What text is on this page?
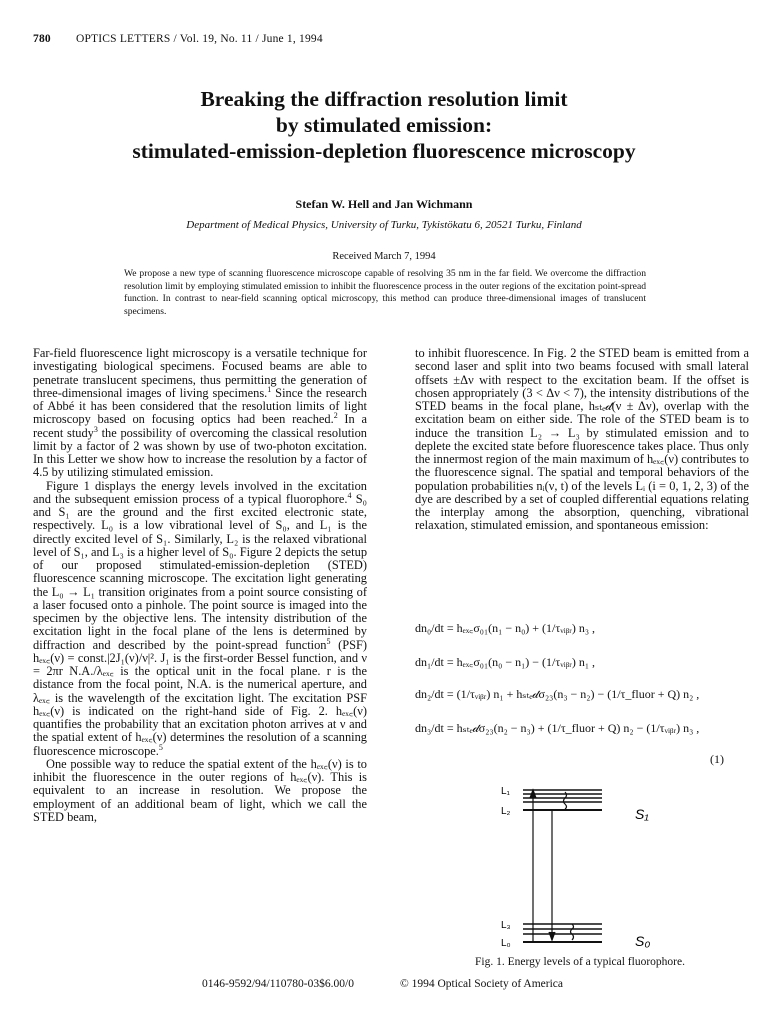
780 OPTICS LETTERS / Vol. 19, No. 11 / June 1, 1994
Breaking the diffraction resolution limit
by stimulated emission:
stimulated-emission-depletion fluorescence microscopy
Stefan W. Hell and Jan Wichmann
Department of Medical Physics, University of Turku, Tykistökatu 6, 20521 Turku, Finland
Received March 7, 1994
We propose a new type of scanning fluorescence microscope capable of resolving 35 nm in the far field. We overcome the diffraction resolution limit by employing stimulated emission to inhibit the fluorescence process in the outer regions of the excitation point-spread function. In contrast to near-field scanning optical microscopy, this method can produce three-dimensional images of translucent specimens.

Far-field fluorescence light microscopy is a versatile technique for investigating biological specimens. Focused beams are able to penetrate translucent specimens, thus permitting the generation of three-dimensional images of living specimens.$^1$ Since the research of Abbé it has been considered that the resolution limits of light microscopy based on focusing optics had been reached.$^2$ In a recent study$^3$ the possibility of overcoming the classical resolution limit by a factor of 2 was shown by use of two-photon excitation. In this Letter we show how to increase the resolution by a factor of 4.5 by utilizing stimulated emission.

Figure 1 displays the energy levels involved in the excitation and the subsequent emission process of a typical fluorophore.$^4$ S₀ and S₁ are the ground and the first excited electronic state, respectively. L₀ is a low vibrational level of S₀, and L₁ is the directly excited level of S₁. Similarly, L₂ is the relaxed vibrational level of S₁, and L₃ is a higher level of S₀. Figure 2 depicts the setup of our proposed stimulated-emission-depletion (STED) fluorescence scanning microscope. The excitation light generating the L₀ → L₁ transition originates from a point source consisting of a laser focused onto a pinhole. The point source is imaged into the specimen by the objective lens. The intensity distribution of the excitation light in the focal plane of the lens is determined by diffraction and described by the point-spread function$^5$ (PSF) hₑₓ꜀(ν) = const.|2J₁(ν)/ν|². J₁ is the first-order Bessel function, and ν = 2πr N.A./λₑₓ꜀ is the optical unit in the focal plane. r is the distance from the focal point, N.A. is the numerical aperture, and λₑₓ꜀ is the wavelength of the excitation light. The excitation PSF hₑₓ꜀(ν) is indicated on the right-hand side of Fig. 2. hₑₓ꜀(ν) quantifies the probability that an excitation photon arrives at ν and the spatial extent of hₑₓ꜀(ν) determines the resolution of a scanning fluorescence microscope.$^5$

One possible way to reduce the spatial extent of the hₑₓ꜀(ν) is to inhibit the fluorescence in the outer regions of hₑₓ꜀(ν). This is equivalent to an increase in resolution. We propose the employment of an additional beam of light, which we call the STED beam,

to inhibit fluorescence. In Fig. 2 the STED beam is emitted from a second laser and split into two beams focused with small lateral offsets ±Δν with respect to the excitation beam. If the offset is chosen appropriately (3 < Δν < 7), the intensity distributions of the STED beams in the focal plane, hₛₜₑ𝒹(ν ± Δν), overlap with the excitation beam on either side. The role of the STED beam is to induce the transition L₂ → L₃ by stimulated emission and to deplete the excited state before fluorescence takes place. Thus only the innermost region of the main maximum of hₑₓ꜀(ν) contributes to the fluorescence signal. The spatial and temporal behaviors of the population probabilities nᵢ(ν, t) of the levels Lᵢ (i = 0, 1, 2, 3) of the dye are described by a set of coupled differential equations relating the interplay among the absorption, quenching, vibrational relaxation, stimulated emission, and spontaneous emission:

dn₀/dt = hₑₓ꜀σ₀₁(n₁ − n₀) + (1/τᵥᵢᵦᵣ) n₃ ,
dn₁/dt = hₑₓ꜀σ₀₁(n₀ − n₁) − (1/τᵥᵢᵦᵣ) n₁ ,
dn₂/dt = (1/τᵥᵢᵦᵣ) n₁ + hₛₜₑ𝒹σ₂₃(n₃ − n₂) − (1/τ_fluor + Q) n₂ ,
dn₃/dt = hₛₜₑ𝒹σ₂₃(n₂ − n₃) + (1/τ_fluor + Q) n₂ − (1/τᵥᵢᵦᵣ) n₃ ,
(1)
L₁
L₂
L₃
L₀
S₁
S₀
Fig. 1. Energy levels of a typical fluorophore.
0146-9592/94/110780-03$6.00/0	© 1994 Optical Society of America
